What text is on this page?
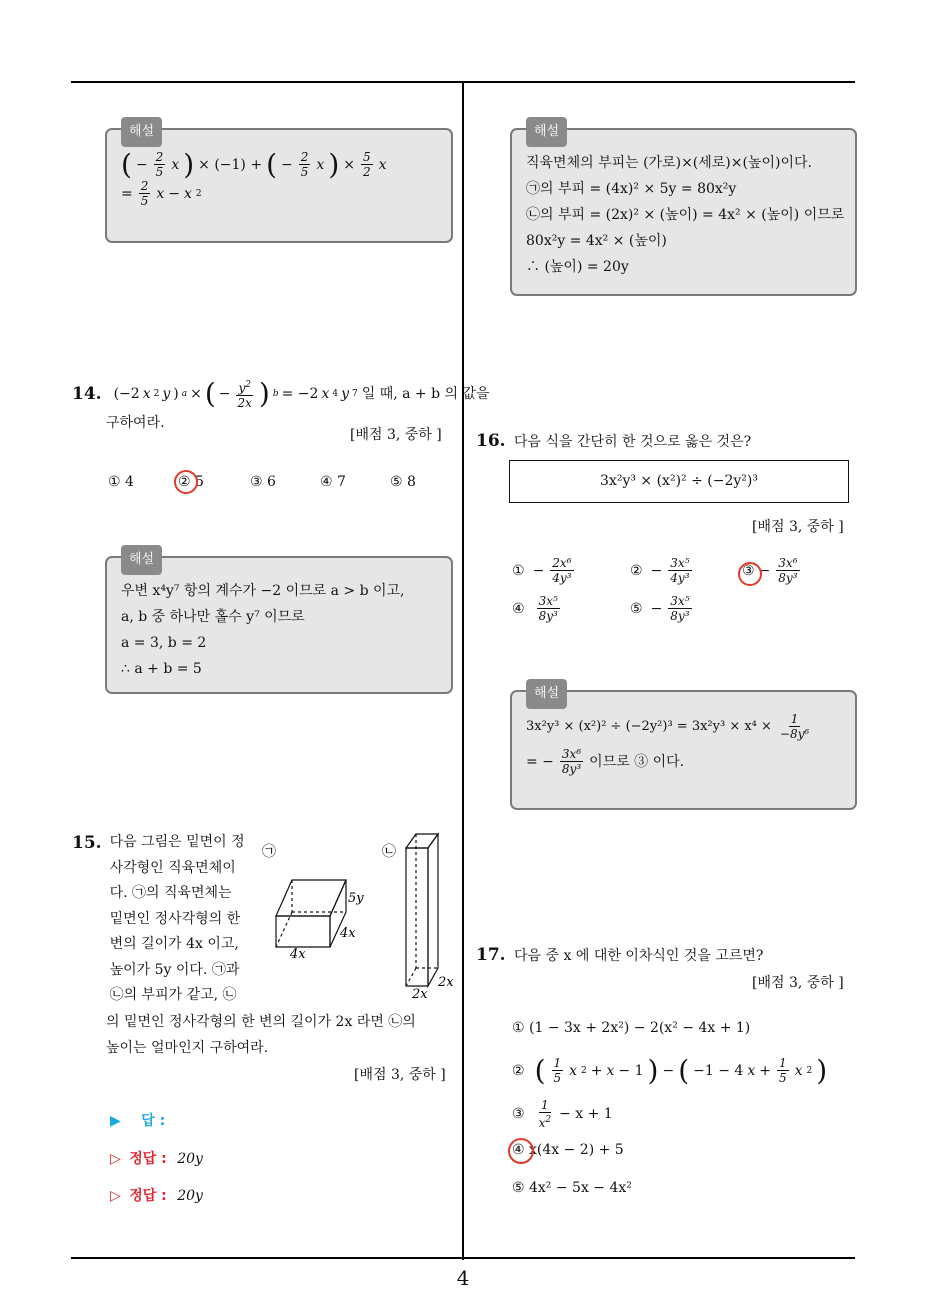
4
해설
( − $\frac{2}{5}$ x ) × (−1) + ( − $\frac{2}{5}$ x ) × $\frac{5}{2}$ x
= $\frac{2}{5}$ x − x 2
14. (−2 x 2 y ) a × ( − $\frac{y^2}{2x}$ ) b = −2 x 4 y 7 일 때, a + b 의 값을
구하여라.
[배점 3, 중하 ]
① 4	② 5	③ 6	④ 7	⑤ 8
해설
우변 x⁴y⁷ 항의 계수가 −2 이므로 a > b 이고,
a, b 중 하나만 홀수 y⁷ 이므로
a = 3, b = 2
∴ a + b = 5
15. 다음 그림은 밑면이 정
사각형인 직육면체이
다. ㉠의 직육면체는
밑면인 정사각형의 한
변의 길이가 4x 이고,
높이가 5y 이다. ㉠과
㉡의 부피가 같고, ㉡
의 밑면인 정사각형의 한 변의 길이가 2x 라면 ㉡의
높이는 얼마인지 구하여라.
㉠
5y
4x
4x
㉡
2x
2x
[배점 3, 중하 ]
▶ 답 :
▷ 정답 : 20y
▷ 정답 : 20y
해설
직육면체의 부피는 (가로)×(세로)×(높이)이다.
㉠의 부피 = (4x)² × 5y = 80x²y
㉡의 부피 = (2x)² × (높이) = 4x² × (높이) 이므로
80x²y = 4x² × (높이)
∴ (높이) = 20y
16. 다음 식을 간단히 한 것으로 옳은 것은?
3x²y³ × (x²)² ÷ (−2y²)³
[배점 3, 중하 ]
① − $\frac{\text{2x⁶}}{\text{4y³}}$	② − $\frac{\text{3x⁵}}{\text{4y³}}$	③ − $\frac{\text{3x⁶}}{\text{8y³}}$
④ $\frac{\text{3x⁵}}{\text{8y³}}$	⑤ − $\frac{\text{3x⁵}}{\text{8y³}}$
해설
$3x^2y^3 \times (x^2)^2 \div (-2y^2)^3 = 3x^2y^3 \times x^4 \times \frac{1}{\text{−8y⁶}}$
= − $\frac{\text{3x⁶}}{\text{8y³}}$ 이므로 ③ 이다.
17. 다음 중 x 에 대한 이차식인 것을 고르면?
[배점 3, 중하 ]
① (1 − 3x + 2x²) − 2(x² − 4x + 1)
② ( $\frac{1}{5}$ x 2 + x − 1 ) − ( −1 − 4 $x + \frac{1}{5}$ x 2 )
③ $\frac{1}{x^2} - x + 1$
④ x(4x − 2) + 5
⑤ 4x² − 5x − 4x²
